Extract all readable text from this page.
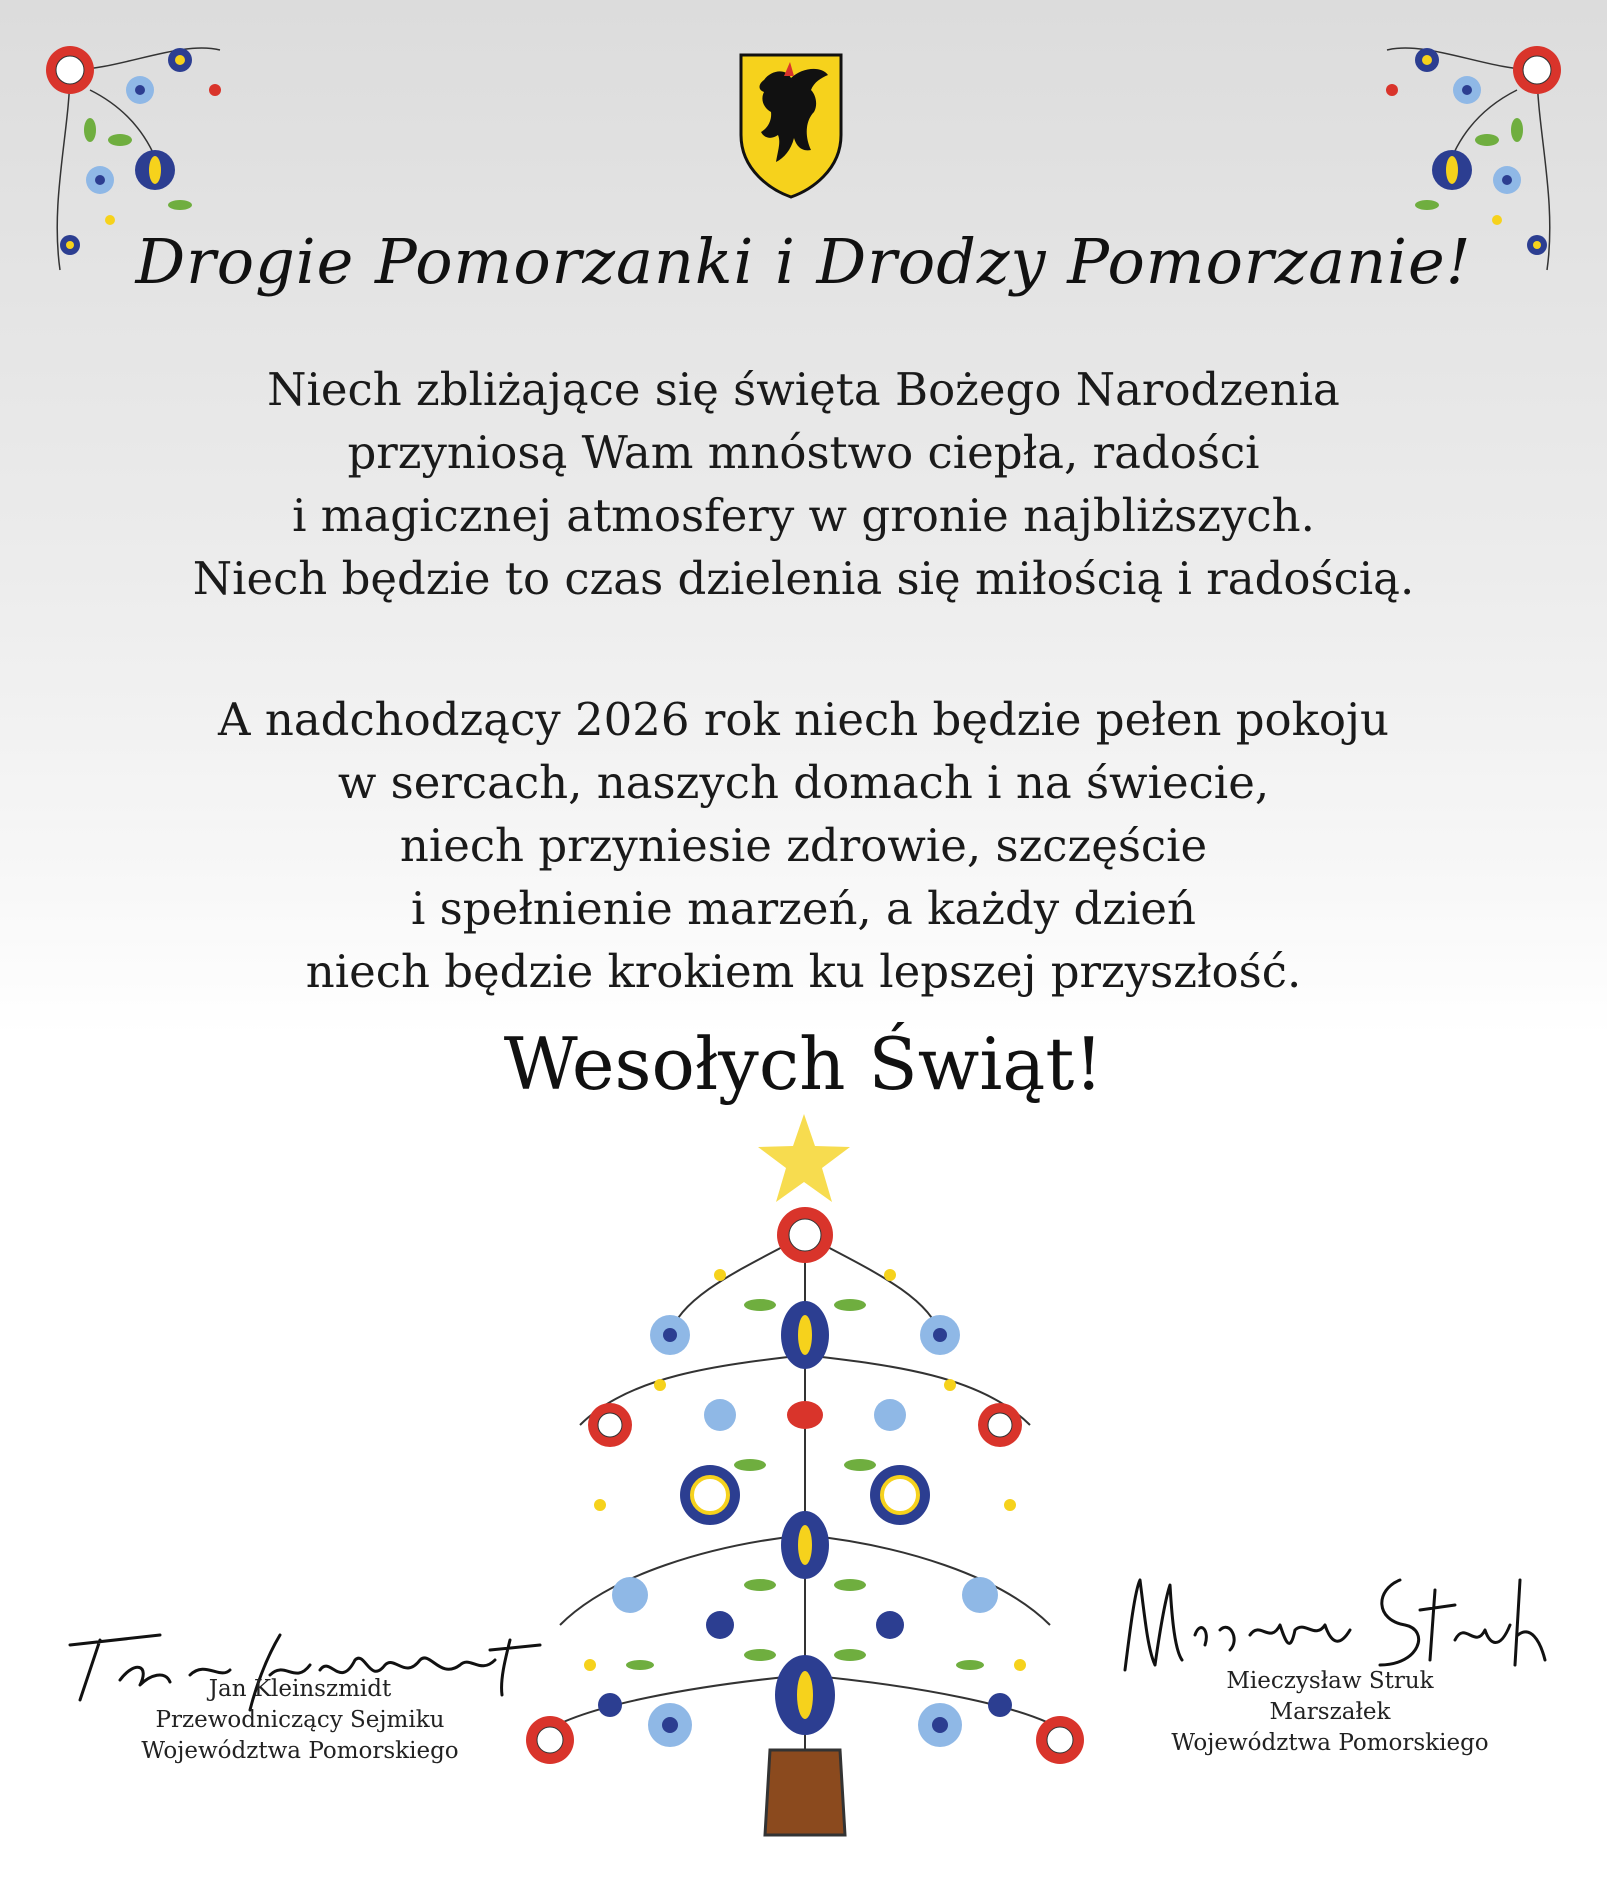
Drogie Pomorzanki i Drodzy Pomorzanie!
Niech zbliżające się święta Bożego Narodzenia
przyniosą Wam mnóstwo ciepła, radości
i magicznej atmosfery w gronie najbliższych.
Niech będzie to czas dzielenia się miłością i radością.
A nadchodzący 2026 rok niech będzie pełen pokoju
w sercach, naszych domach i na świecie,
niech przyniesie zdrowie, szczęście
i spełnienie marzeń, a każdy dzień
niech będzie krokiem ku lepszej przyszłość.
Wesołych Świąt!
Jan Kleinszmidt
Przewodniczący Sejmiku
Województwa Pomorskiego
Mieczysław Struk
Marszałek
Województwa Pomorskiego
